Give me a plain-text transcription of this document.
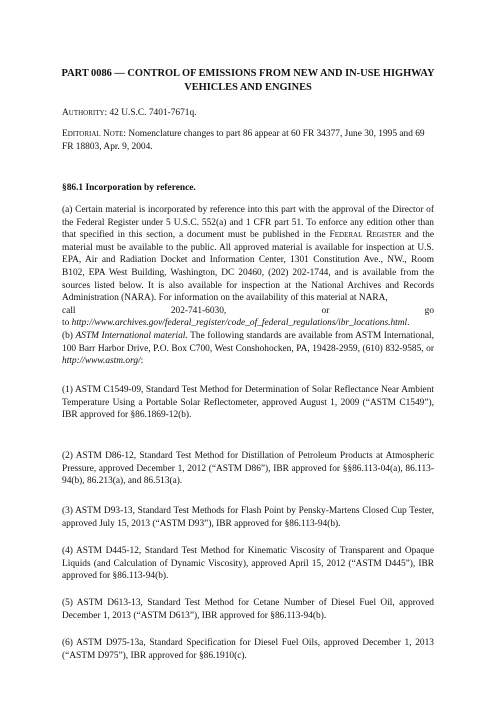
PART 0086 — CONTROL OF EMISSIONS FROM NEW AND IN-USE HIGHWAY VEHICLES AND ENGINES

Authority: 42 U.S.C. 7401-7671q.

Editorial Note: Nomenclature changes to part 86 appear at 60 FR 34377, June 30, 1995 and 69 FR 18803, Apr. 9, 2004.

§86.1 Incorporation by reference.

(a) Certain material is incorporated by reference into this part with the approval of the Director of the Federal Register under 5 U.S.C. 552(a) and 1 CFR part 51. To enforce any edition other than that specified in this section, a document must be published in the Federal Register and the material must be available to the public. All approved material is available for inspection at U.S. EPA, Air and Radiation Docket and Information Center, 1301 Constitution Ave., NW., Room B102, EPA West Building, Washington, DC 20460, (202) 202-1744, and is available from the sources listed below. It is also available for inspection at the National Archives and Records Administration (NARA). For information on the availability of this material at NARA,
call	202-741-6030,	or	go
to http://www.archives.gov/federal_register/code_of_federal_regulations/ibr_locations.html.

(b) ASTM International material. The following standards are available from ASTM International, 100 Barr Harbor Drive, P.O. Box C700, West Conshohocken, PA, 19428-2959, (610) 832-9585, or http://www.astm.org/:

(1) ASTM C1549-09, Standard Test Method for Determination of Solar Reflectance Near Ambient Temperature Using a Portable Solar Reflectometer, approved August 1, 2009 (“ASTM C1549”), IBR approved for §86.1869-12(b).

(2) ASTM D86-12, Standard Test Method for Distillation of Petroleum Products at Atmospheric Pressure, approved December 1, 2012 (“ASTM D86”), IBR approved for §§86.113-04(a), 86.113-94(b), 86.213(a), and 86.513(a).

(3) ASTM D93-13, Standard Test Methods for Flash Point by Pensky-Martens Closed Cup Tester, approved July 15, 2013 (“ASTM D93”), IBR approved for §86.113-94(b).

(4) ASTM D445-12, Standard Test Method for Kinematic Viscosity of Transparent and Opaque Liquids (and Calculation of Dynamic Viscosity), approved April 15, 2012 (“ASTM D445”), IBR approved for §86.113-94(b).

(5) ASTM D613-13, Standard Test Method for Cetane Number of Diesel Fuel Oil, approved December 1, 2013 (“ASTM D613”), IBR approved for §86.113-94(b).

(6) ASTM D975-13a, Standard Specification for Diesel Fuel Oils, approved December 1, 2013 (“ASTM D975”), IBR approved for §86.1910(c).
